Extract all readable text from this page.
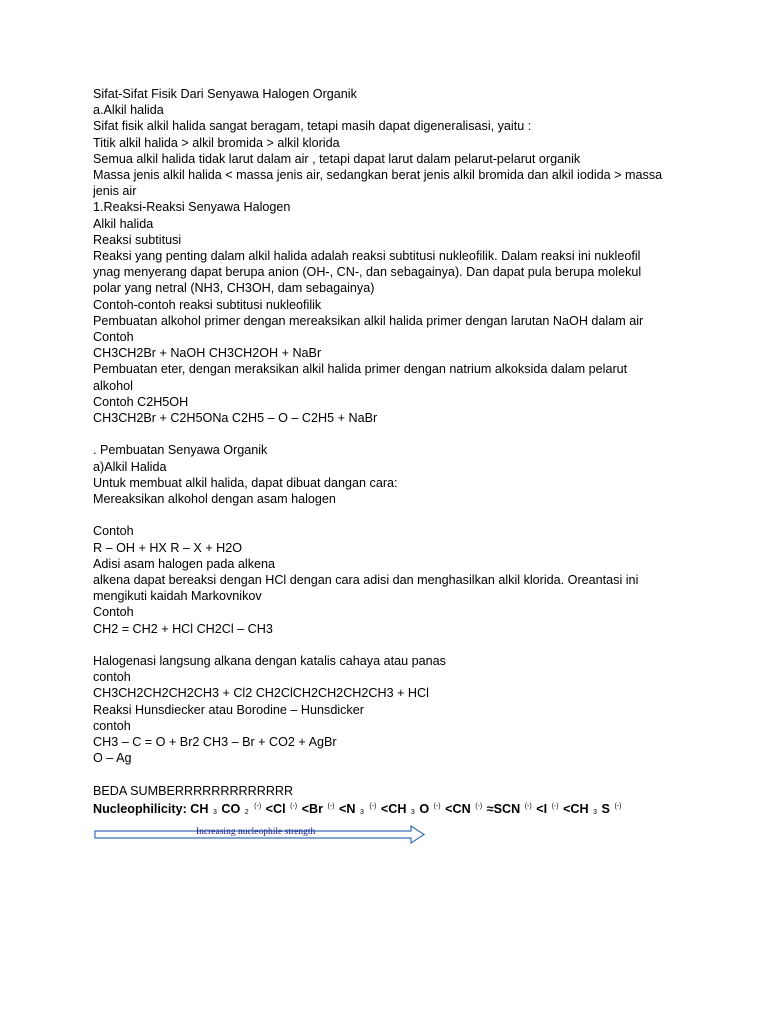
Sifat-Sifat Fisik Dari Senyawa Halogen Organik
a.Alkil halida
Sifat fisik alkil halida sangat beragam, tetapi masih dapat digeneralisasi, yaitu :
Titik alkil halida > alkil bromida > alkil klorida
Semua alkil halida tidak larut dalam air , tetapi dapat larut dalam pelarut-pelarut organik
Massa jenis alkil halida < massa jenis air, sedangkan berat jenis alkil bromida dan alkil iodida > massa
jenis air
1.Reaksi-Reaksi Senyawa Halogen
Alkil halida
Reaksi subtitusi
Reaksi yang penting dalam alkil halida adalah reaksi subtitusi nukleofilik. Dalam reaksi ini nukleofil
ynag menyerang dapat berupa anion (OH-, CN-, dan sebagainya). Dan dapat pula berupa molekul
polar yang netral (NH3, CH3OH, dam sebagainya)
Contoh-contoh reaksi subtitusi nukleofilik
Pembuatan alkohol primer dengan mereaksikan alkil halida primer dengan larutan NaOH dalam air
Contoh
CH3CH2Br + NaOH CH3CH2OH + NaBr
Pembuatan eter, dengan meraksikan alkil halida primer dengan natrium alkoksida dalam pelarut
alkohol
Contoh C2H5OH
CH3CH2Br + C2H5ONa C2H5 – O – C2H5 + NaBr
. Pembuatan Senyawa Organik
a)Alkil Halida
Untuk membuat alkil halida, dapat dibuat dangan cara:
Mereaksikan alkohol dengan asam halogen
Contoh
R – OH + HX R – X + H2O
Adisi asam halogen pada alkena
alkena dapat bereaksi dengan HCl dengan cara adisi dan menghasilkan alkil klorida. Oreantasi ini
mengikuti kaidah Markovnikov
Contoh
CH2 = CH2 + HCl CH2Cl – CH3
Halogenasi langsung alkana dengan katalis cahaya atau panas
contoh
CH3CH2CH2CH2CH3 + Cl2 CH2ClCH2CH2CH2CH3 + HCl
Reaksi Hunsdiecker atau Borodine – Hunsdicker
contoh
CH3 – C = O + Br2 CH3 – Br + CO2 + AgBr
O – Ag
BEDA SUMBERRRRRRRRRRRRR
Nucleophilicity: CH $_3$ CO $_2$ (-) <Cl (-) <Br (-) <N $_3$ (-) <CH $_3$ O (-) <CN (-) ≈SCN (-) <I (-) <CH $_3$ S (-)
Increasing nucleophile strength
